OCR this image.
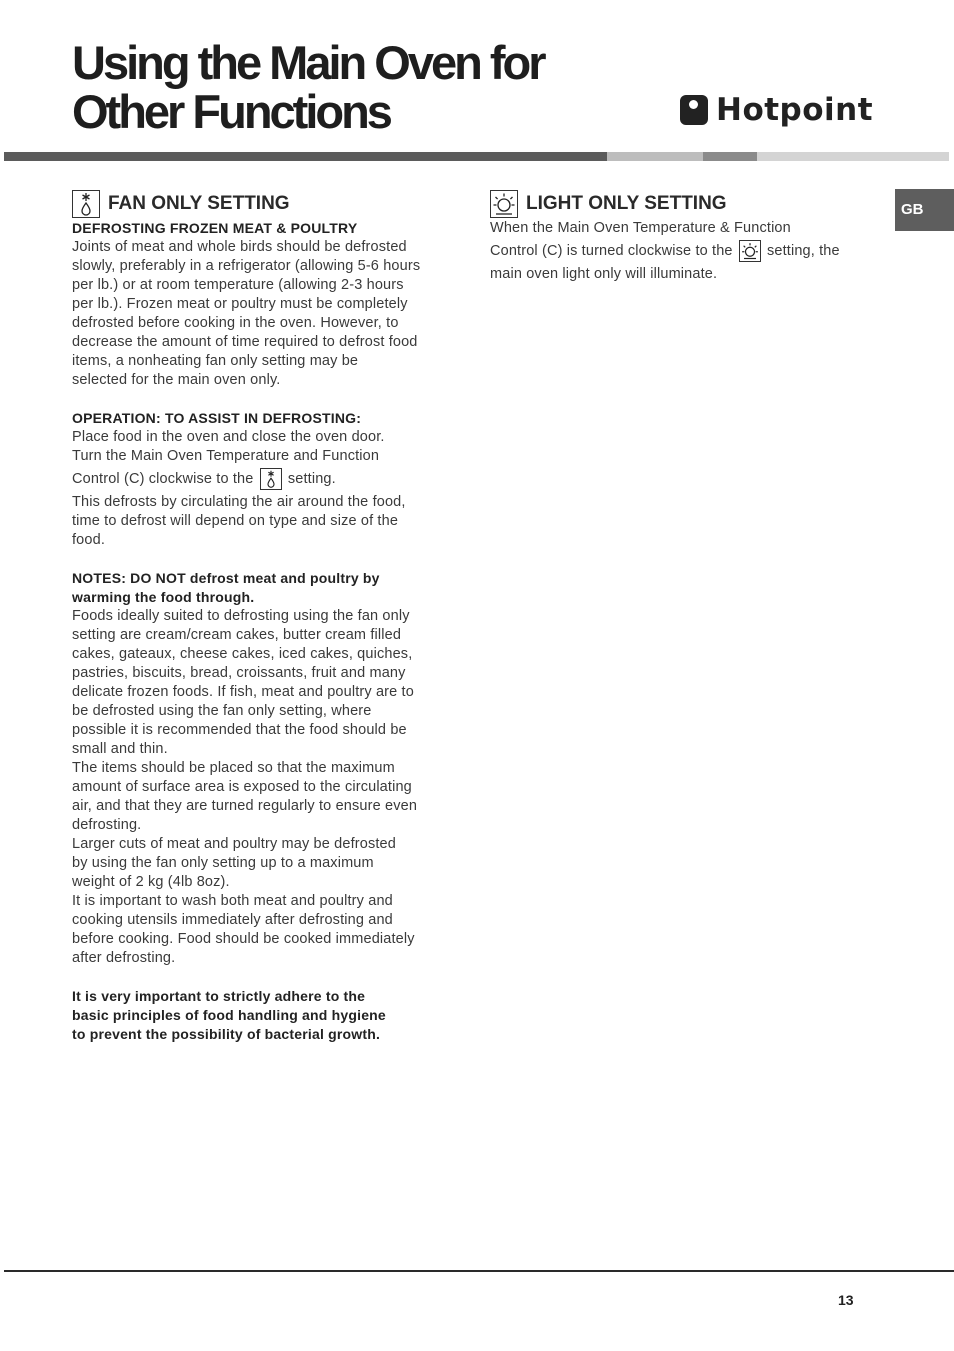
Using the Main Oven for
Other Functions	Hotpoint
GB
FAN ONLY SETTING
DEFROSTING FROZEN MEAT & POULTRY
Joints of meat and whole birds should be defrosted
slowly, preferably in a refrigerator (allowing 5-6 hours
per lb.) or at room temperature (allowing 2-3 hours
per lb.). Frozen meat or poultry must be completely
defrosted before cooking in the oven. However, to
decrease the amount of time required to defrost food
items, a nonheating fan only setting may be
selected for the main oven only.
OPERATION: TO ASSIST IN DEFROSTING:
Place food in the oven and close the oven door.
Turn the Main Oven Temperature and Function
Control (C) clockwise to the setting.
This defrosts by circulating the air around the food,
time to defrost will depend on type and size of the
food.
NOTES: DO NOT defrost meat and poultry by
warming the food through.
Foods ideally suited to defrosting using the fan only
setting are cream/cream cakes, butter cream filled
cakes, gateaux, cheese cakes, iced cakes, quiches,
pastries, biscuits, bread, croissants, fruit and many
delicate frozen foods. If fish, meat and poultry are to
be defrosted using the fan only setting, where
possible it is recommended that the food should be
small and thin.
The items should be placed so that the maximum
amount of surface area is exposed to the circulating
air, and that they are turned regularly to ensure even
defrosting.
Larger cuts of meat and poultry may be defrosted
by using the fan only setting up to a maximum
weight of 2 kg (4lb 8oz).
It is important to wash both meat and poultry and
cooking utensils immediately after defrosting and
before cooking. Food should be cooked immediately
after defrosting.
It is very important to strictly adhere to the
basic principles of food handling and hygiene
to prevent the possibility of bacterial growth.
LIGHT ONLY SETTING
When the Main Oven Temperature & Function
Control (C) is turned clockwise to the setting, the
main oven light only will illuminate.
13
